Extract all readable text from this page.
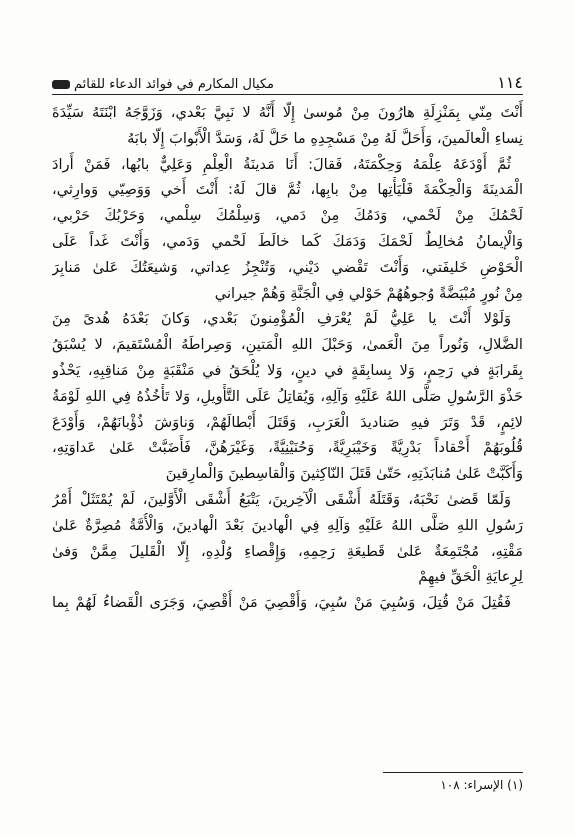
مكيال المكارم في فوائد الدعاء للقائم	١١٤
أَنْتَ مِنّي بِمَنْزِلَةِ هارُونَ مِنْ مُوسىٰ إِلّا أَنَّهُ لا نَبِيَّ بَعْدي، وَزَوَّجَهُ ابْنَتَهُ سَيِّدَةَ
نِساءِ الْعالَمينَ، وَأَحَلَّ لَهُ مِنْ مَسْجِدِهِ ما حَلَّ لَهُ، وَسَدَّ الْأَبْوابَ إِلّا بابَهُ
ثُمَّ أَوْدَعَهُ عِلْمَهُ وَحِكْمَتَهُ، فَقالَ: أَنَا مَدينَةُ الْعِلْمِ وَعَلِيٌّ بابُها، فَمَنْ أَرادَ
الْمَدينَةَ وَالْحِكْمَةَ فَلْيَأْتِها مِنْ بابِها، ثُمَّ قالَ لَهُ: أَنْتَ أَخي وَوَصِيّي وَوارِثي،
لَحْمُكَ مِنْ لَحْمي، وَدَمُكَ مِنْ دَمي، وَسِلْمُكَ سِلْمي، وَحَرْبُكَ حَرْبي،
وَالْإيمانُ مُخالِطٌ لَحْمَكَ وَدَمَكَ كَما خالَطَ لَحْمي وَدَمي، وَأَنْتَ غَداً عَلَى
الْحَوْضِ خَليفَتي، وَأَنْتَ تَقْضي دَيْني، وَتُنْجِزُ عِداتي، وَشيعَتُكَ عَلىٰ مَنابِرَ
مِنْ نُورٍ مُبْيَضَّةً وُجوهُهُمْ حَوْلي فِي الْجَنَّةِ وَهُمْ جيراني
وَلَوْلا أَنْتَ يا عَلِيُّ لَمْ يُعْرَفِ الْمُؤْمِنونَ بَعْدي، وَكانَ بَعْدَهُ هُدىً مِنَ
الضَّلالِ، وَنُوراً مِنَ الْعَمىٰ، وَحَبْلَ اللهِ الْمَتينِ، وَصِراطَهُ الْمُسْتَقيمَ، لا يُسْبَقُ
بِقَرابَةٍ في رَحِمٍ، وَلا بِسابِقَةٍ في دينٍ، وَلا يُلْحَقُ في مَنْقَبَةٍ مِنْ مَناقِبِهِ، يَحْذُو
حَذْوَ الرَّسُولِ صَلَّى اللهُ عَلَيْهِ وَآلِهِ، وَيُقاتِلُ عَلَى التَّأْويلِ، وَلا تَأْخُذُهُ فِي اللهِ لَوْمَةُ
لائِمٍ، قَدْ وَتَرَ فيهِ صَناديدَ الْعَرَبِ، وَقَتَلَ أَبْطالَهُمْ، وَناوَشَ ذُؤْبانَهُمْ، وَأَوْدَعَ
قُلُوبَهُمْ أَحْقاداً بَدْرِيَّةً وَخَيْبَرِيَّةً، وَحُنَيْنِيَّةً، وَغَيْرَهُنَّ، فَأَضَبَّتْ عَلىٰ عَداوَتِهِ،
وَأَكَبَّتْ عَلىٰ مُنابَذَتِهِ، حَتّىٰ قَتَلَ النّاكِثينَ وَالْقاسِطينَ وَالْمارِقينَ
وَلَمّا قَضىٰ نَحْبَهُ، وَقَتَلَهُ أَشْقَى الْآخِرينَ، يَتْبَعُ أَشْقَى الْأَوَّلينَ، لَمْ يُمْتَثَلْ أَمْرُ
رَسُولِ اللهِ صَلَّى اللهُ عَلَيْهِ وَآلِهِ فِي الْهادينَ بَعْدَ الْهادينَ، وَالْأُمَّةُ مُصِرَّةٌ عَلىٰ
مَقْتِهِ، مُجْتَمِعَةٌ عَلىٰ قَطيعَةِ رَحِمِهِ، وَإِقْصاءِ وُلْدِهِ، إِلّا الْقَليلَ مِمَّنْ وَفىٰ
لِرِعايَةِ الْحَقِّ فيهِمْ
فَقُتِلَ مَنْ قُتِلَ، وَسُبِيَ مَنْ سُبِيَ، وَأُقْصِيَ مَنْ أُقْصِيَ، وَجَرَى الْقَضاءُ لَهُمْ بِما
(١) الإسراء: ١٠٨
